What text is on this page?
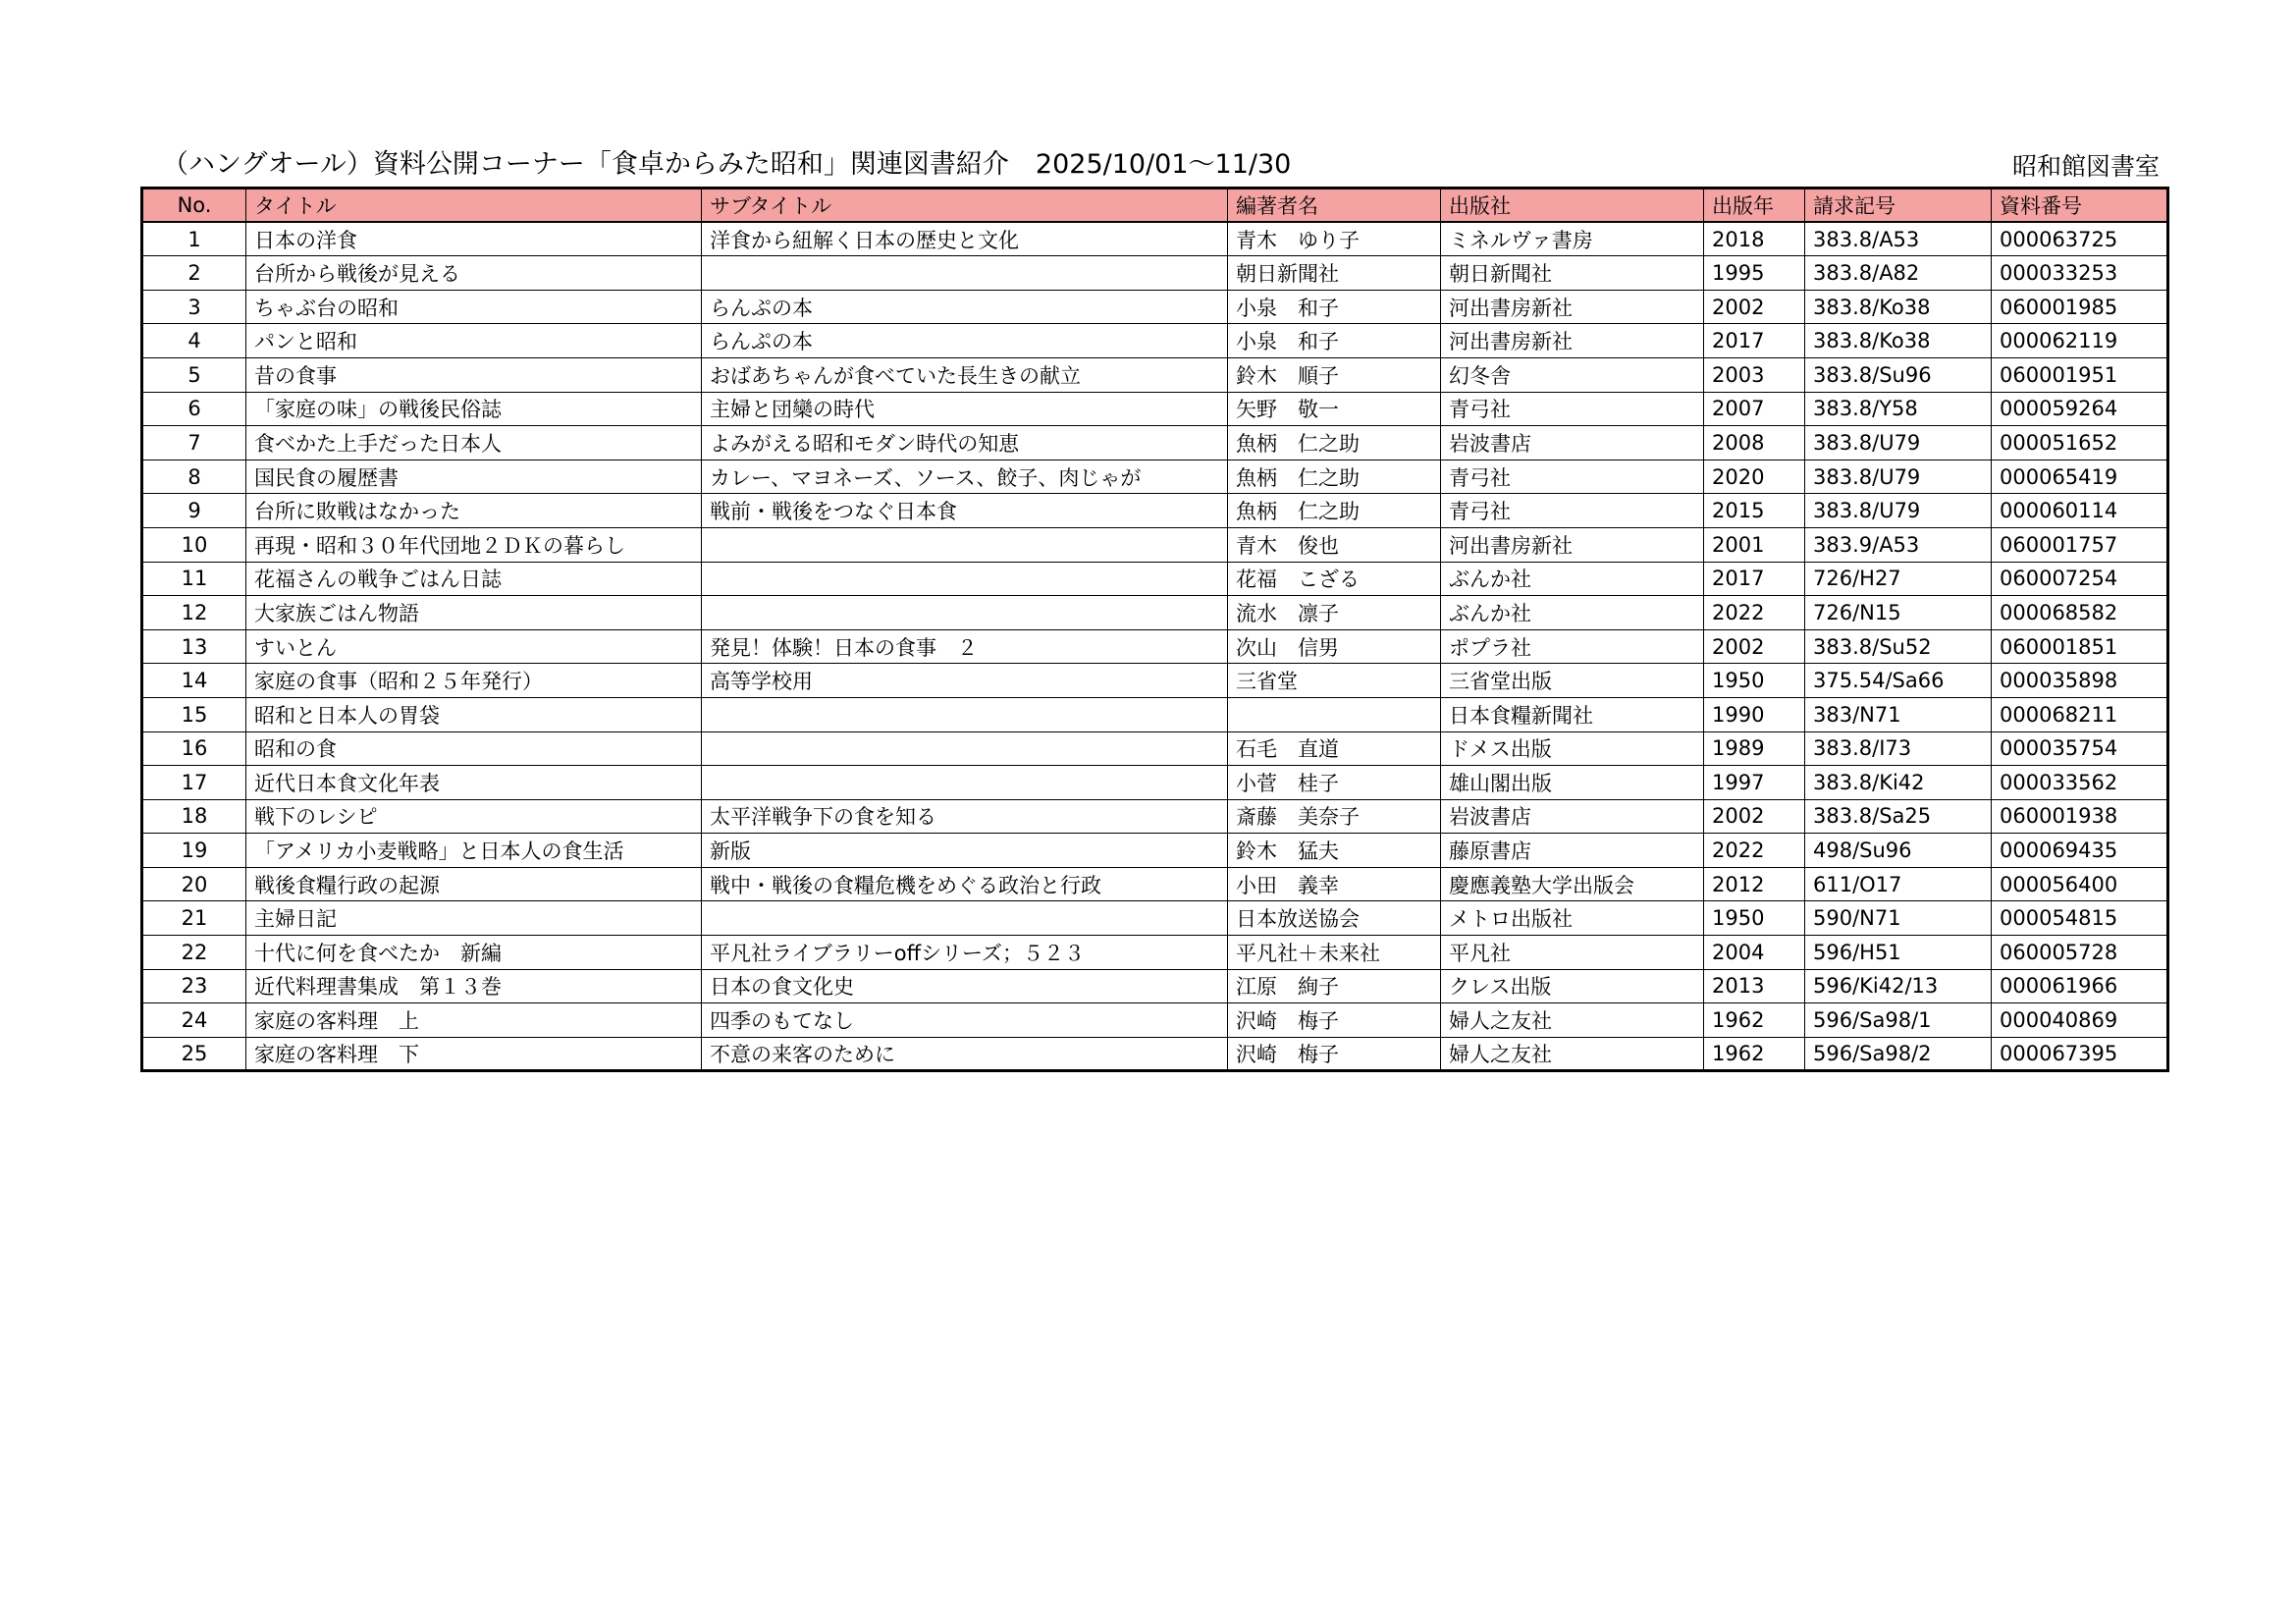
（ハングオール）資料公開コーナー「食卓からみた昭和」関連図書紹介　2025/10/01～11/30	昭和館図書室
No.	タイトル	サブタイトル	編著者名	出版社	出版年	請求記号	資料番号
1	日本の洋食	洋食から紐解く日本の歴史と文化	青木　ゆり子	ミネルヴァ書房	2018	383.8/A53	000063725
2	台所から戦後が見える		朝日新聞社	朝日新聞社	1995	383.8/A82	000033253
3	ちゃぶ台の昭和	らんぷの本	小泉　和子	河出書房新社	2002	383.8/Ko38	060001985
4	パンと昭和	らんぷの本	小泉　和子	河出書房新社	2017	383.8/Ko38	000062119
5	昔の食事	おばあちゃんが食べていた長生きの献立	鈴木　順子	幻冬舎	2003	383.8/Su96	060001951
6	「家庭の味」の戦後民俗誌	主婦と団欒の時代	矢野　敬一	青弓社	2007	383.8/Y58	000059264
7	食べかた上手だった日本人	よみがえる昭和モダン時代の知恵	魚柄　仁之助	岩波書店	2008	383.8/U79	000051652
8	国民食の履歴書	カレー、マヨネーズ、ソース、餃子、肉じゃが	魚柄　仁之助	青弓社	2020	383.8/U79	000065419
9	台所に敗戦はなかった	戦前・戦後をつなぐ日本食	魚柄　仁之助	青弓社	2015	383.8/U79	000060114
10	再現・昭和３０年代団地２ＤＫの暮らし		青木　俊也	河出書房新社	2001	383.9/A53	060001757
11	花福さんの戦争ごはん日誌		花福　こざる	ぶんか社	2017	726/H27	060007254
12	大家族ごはん物語		流水　凛子	ぶんか社	2022	726/N15	000068582
13	すいとん	発見！体験！日本の食事　２	次山　信男	ポプラ社	2002	383.8/Su52	060001851
14	家庭の食事（昭和２５年発行）	高等学校用	三省堂	三省堂出版	1950	375.54/Sa66	000035898
15	昭和と日本人の胃袋			日本食糧新聞社	1990	383/N71	000068211
16	昭和の食		石毛　直道	ドメス出版	1989	383.8/I73	000035754
17	近代日本食文化年表		小菅　桂子	雄山閣出版	1997	383.8/Ki42	000033562
18	戦下のレシピ	太平洋戦争下の食を知る	斎藤　美奈子	岩波書店	2002	383.8/Sa25	060001938
19	「アメリカ小麦戦略」と日本人の食生活	新版	鈴木　猛夫	藤原書店	2022	498/Su96	000069435
20	戦後食糧行政の起源	戦中・戦後の食糧危機をめぐる政治と行政	小田　義幸	慶應義塾大学出版会	2012	611/O17	000056400
21	主婦日記		日本放送協会	メトロ出版社	1950	590/N71	000054815
22	十代に何を食べたか　新編	平凡社ライブラリーoffシリーズ；５２３	平凡社＋未来社	平凡社	2004	596/H51	060005728
23	近代料理書集成　第１３巻	日本の食文化史	江原　絢子	クレス出版	2013	596/Ki42/13	000061966
24	家庭の客料理　上	四季のもてなし	沢崎　梅子	婦人之友社	1962	596/Sa98/1	000040869
25	家庭の客料理　下	不意の来客のために	沢崎　梅子	婦人之友社	1962	596/Sa98/2	000067395
